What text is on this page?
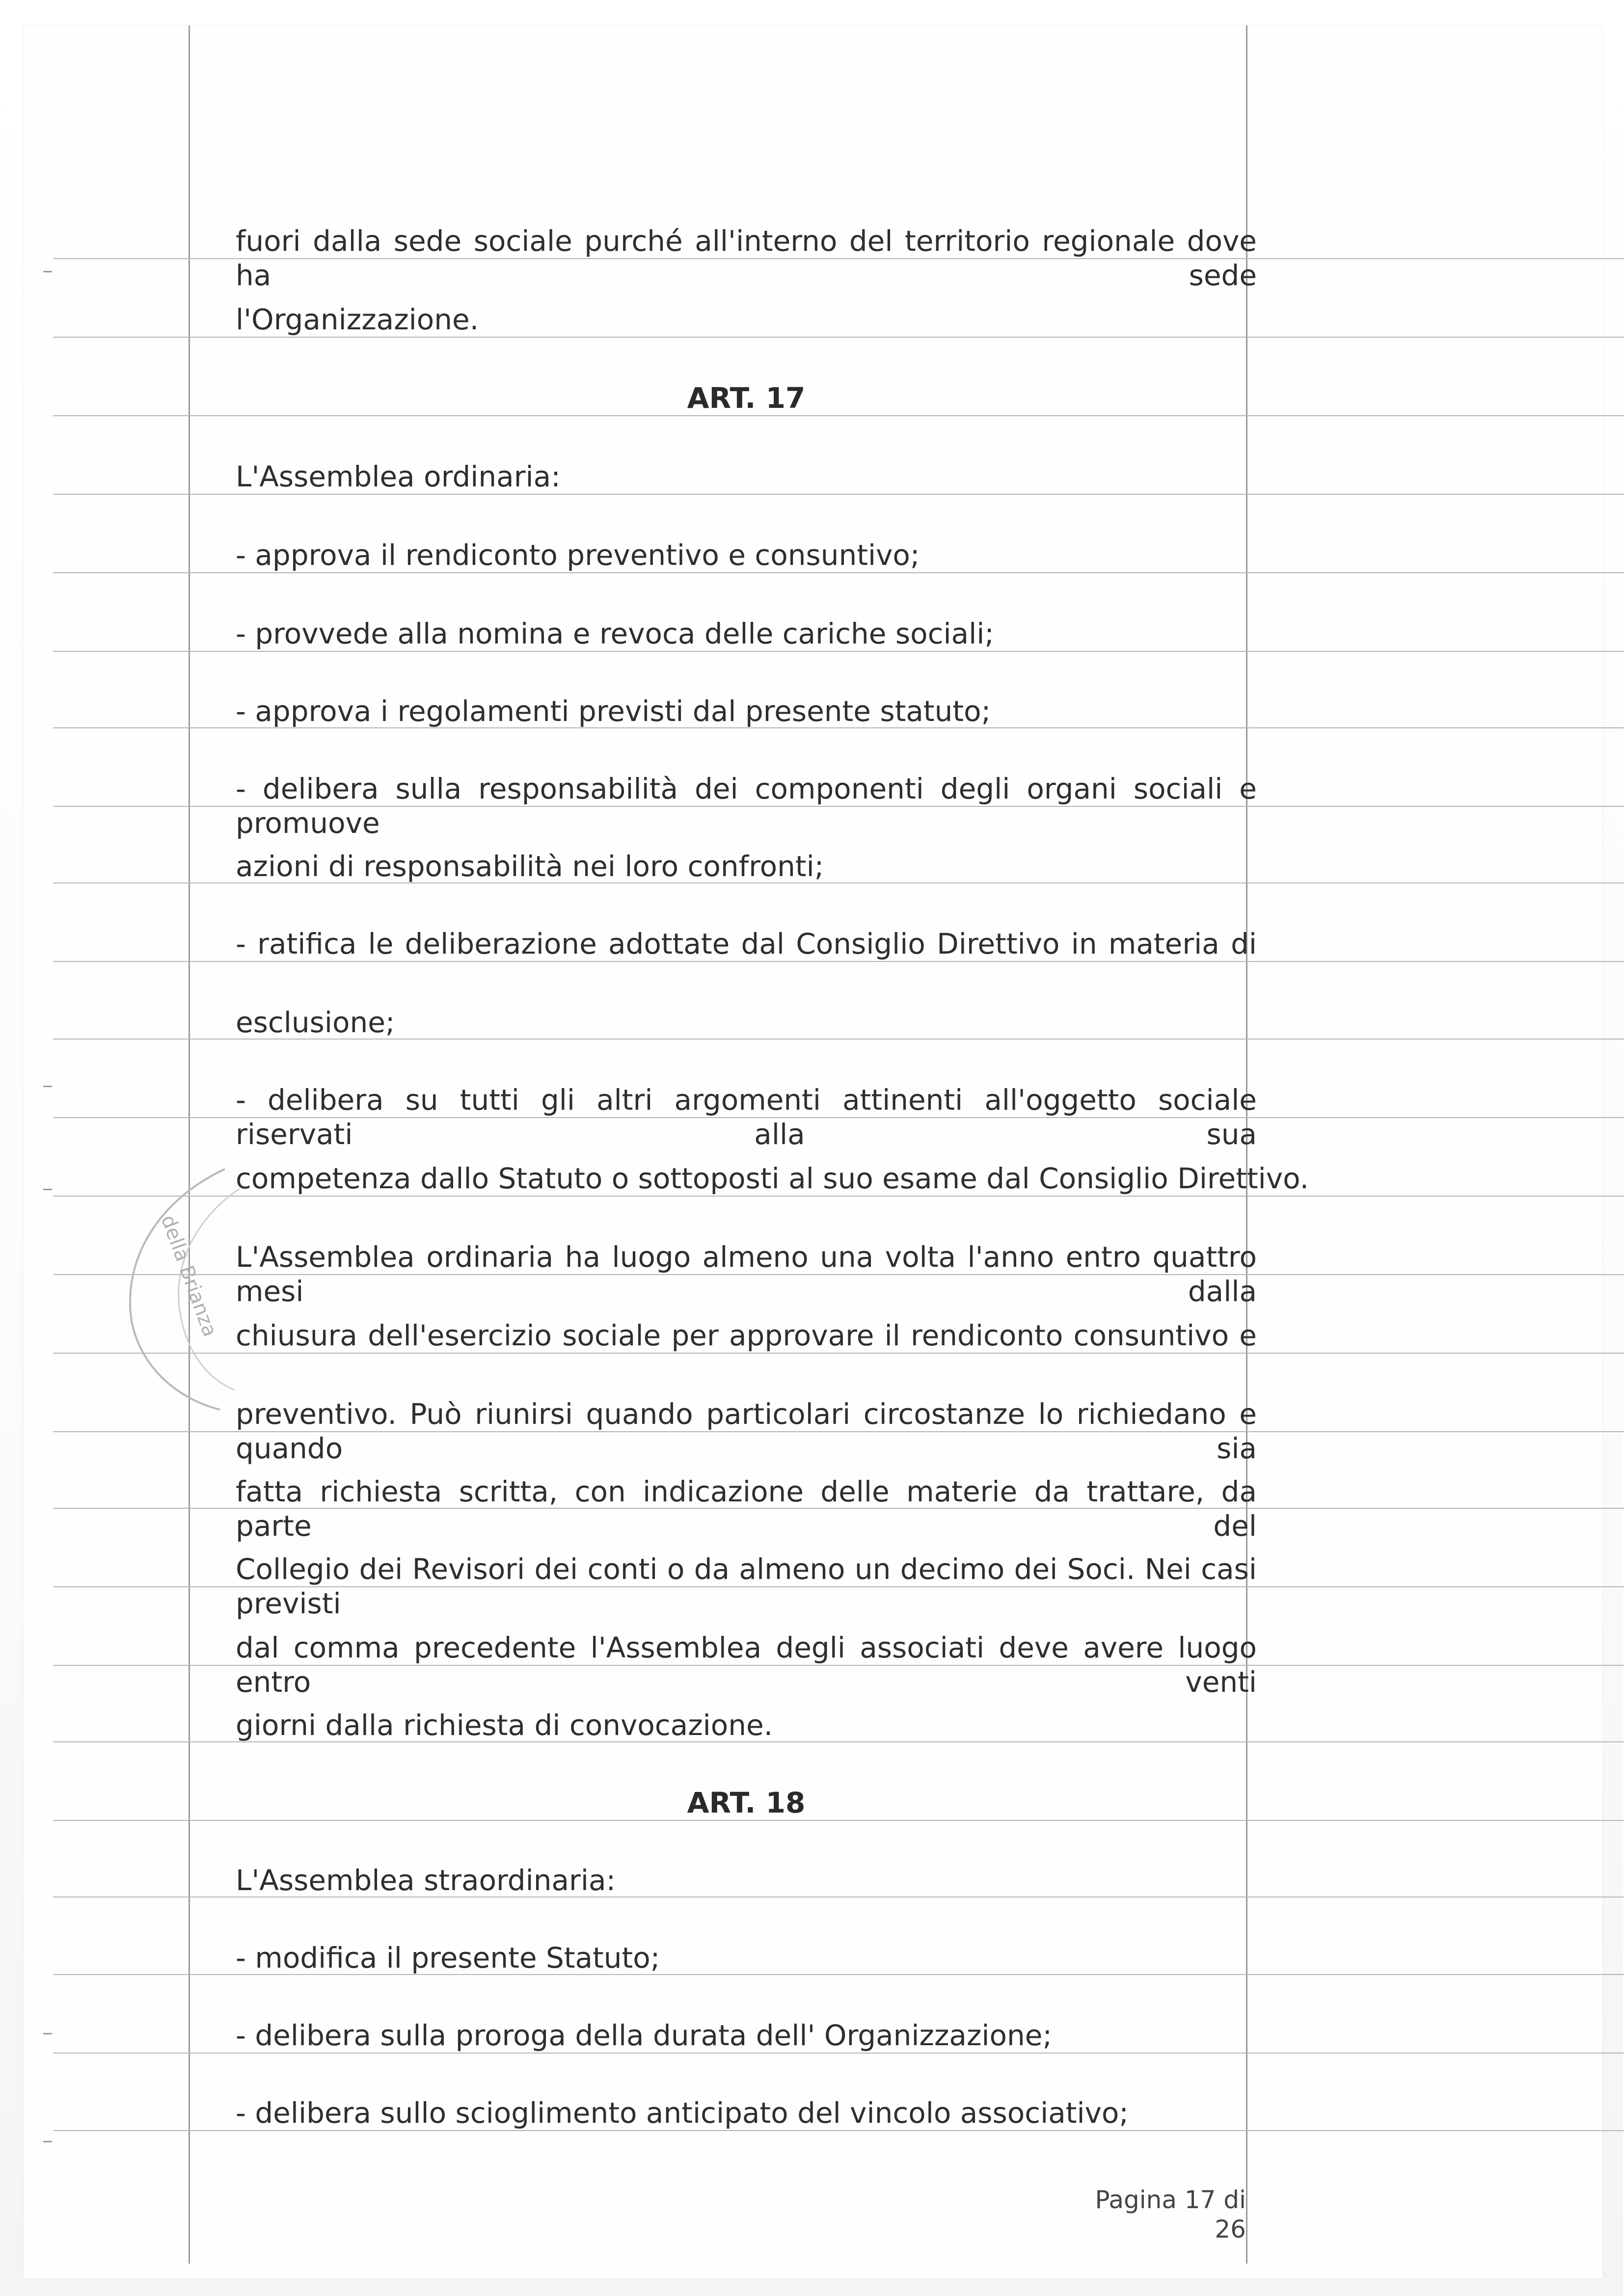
fuori dalla sede sociale purché all'interno del territorio regionale dove ha sede
l'Organizzazione.
ART. 17
L'Assemblea ordinaria:
- approva il rendiconto preventivo e consuntivo;
- provvede alla nomina e revoca delle cariche sociali;
- approva i regolamenti previsti dal presente statuto;
- delibera sulla responsabilità dei componenti degli organi sociali e promuove
azioni di responsabilità nei loro confronti;
- ratifica le deliberazione adottate dal Consiglio Direttivo in materia di
esclusione;
- delibera su tutti gli altri argomenti attinenti all'oggetto sociale riservati alla sua
competenza dallo Statuto o sottoposti al suo esame dal Consiglio Direttivo.
L'Assemblea ordinaria ha luogo almeno una volta l'anno entro quattro mesi dalla
chiusura dell'esercizio sociale per approvare il rendiconto consuntivo e
preventivo. Può riunirsi quando particolari circostanze lo richiedano e quando sia
fatta richiesta scritta, con indicazione delle materie da trattare, da parte del
Collegio dei Revisori dei conti o da almeno un decimo dei Soci. Nei casi previsti
dal comma precedente l'Assemblea degli associati deve avere luogo entro venti
giorni dalla richiesta di convocazione.
ART. 18
L'Assemblea straordinaria:
- modifica il presente Statuto;
- delibera sulla proroga della durata dell' Organizzazione;
- delibera sullo scioglimento anticipato del vincolo associativo;
Pagina 17 di 26
della Brianza
